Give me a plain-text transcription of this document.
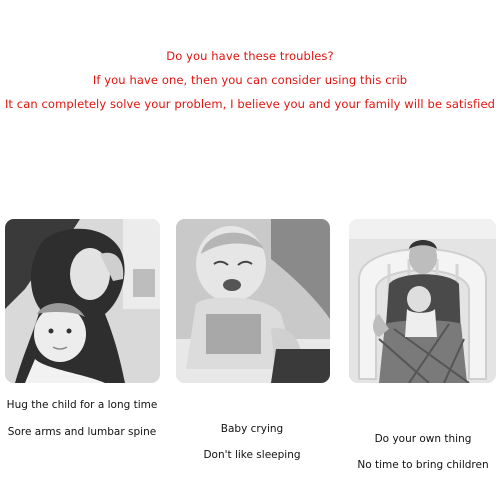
Do you have these troubles?
If you have one, then you can consider using this crib
It can completely solve your problem, I believe you and your family will be satisfied
Hug the child for a long time
Sore arms and lumbar spine	Baby crying
Don't like sleeping
Do your own thing
No time to bring children
